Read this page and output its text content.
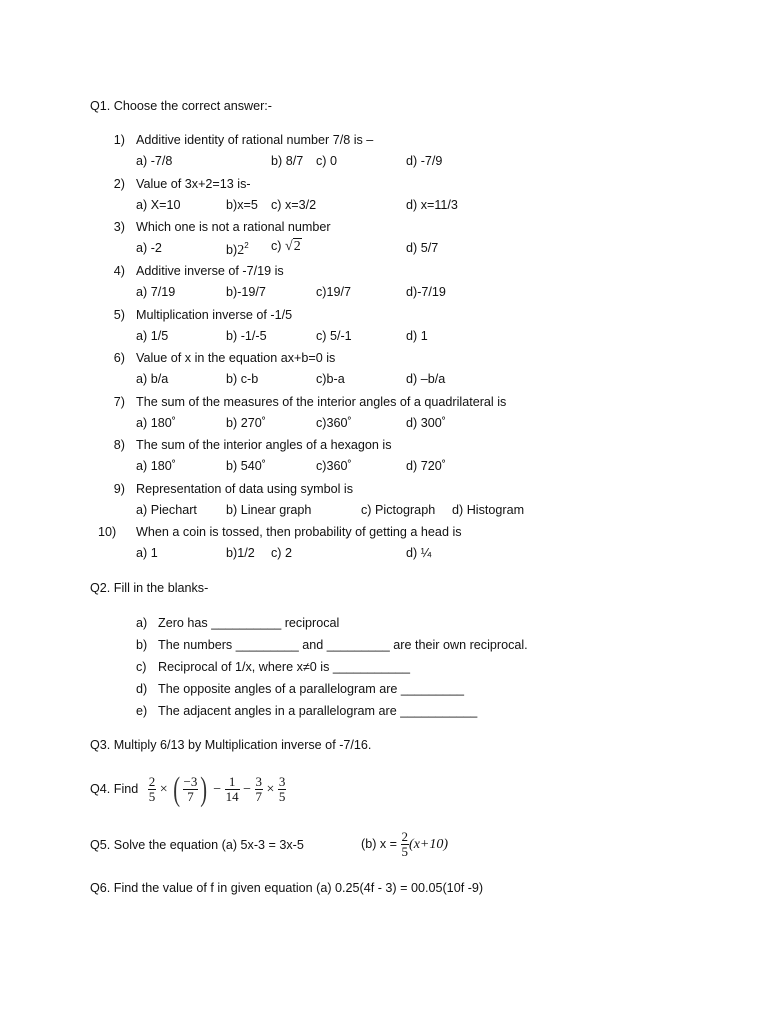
Q1. Choose the correct answer:-
1) Additive identity of rational number 7/8 is –
a) -7/8	b) 8/7 c) 0	d) -7/9
2) Value of 3x+2=13 is-
a) X=10	b)x=5 c) x=3/2	d) x=11/3
3) Which one is not a rational number
a) -2	$b)2^2$ c) √2	d) 5/7
4) Additive inverse of -7/19 is
a) 7/19	b)-19/7	c)19/7	d)-7/19
5) Multiplication inverse of -1/5
a) 1/5	b) -1/-5	c) 5/-1	d) 1
6) Value of x in the equation ax+b=0 is
a) b/a	b) c-b	c)b-a	d) –b/a
7) The sum of the measures of the interior angles of a quadrilateral is
a) 180˚	b) 270˚	c)360˚	d) 300˚
8) The sum of the interior angles of a hexagon is
a) 180˚	b) 540˚	c)360˚	d) 720˚
9) Representation of data using symbol is
a) Piechart b) Linear graph	c) Pictograph d) Histogram
10)	When a coin is tossed, then probability of getting a head is
a) 1	b)1/2 c) 2	d) ¼
Q2. Fill in the blanks-
a) Zero has __________ reciprocal
b) The numbers _________ and _________ are their own reciprocal.
c) Reciprocal of 1/x, where x≠0 is ___________
d) The opposite angles of a parallelogram are _________
e) The adjacent angles in a parallelogram are ___________
Q3. Multiply 6/13 by Multiplication inverse of -7/16.
Q4. Find $\frac{2}{5}$ × ( $\frac{-3}{7}$ ) − $\frac{1}{14} - \frac{3}{7} \times \frac{3}{5}$
Q5. Solve the equation (a) 5x-3 = 3x-5	(b) $x = \frac{2}{5} (x+10)$
Q6. Find the value of f in given equation (a) 0.25(4f - 3) = 00.05(10f -9)
